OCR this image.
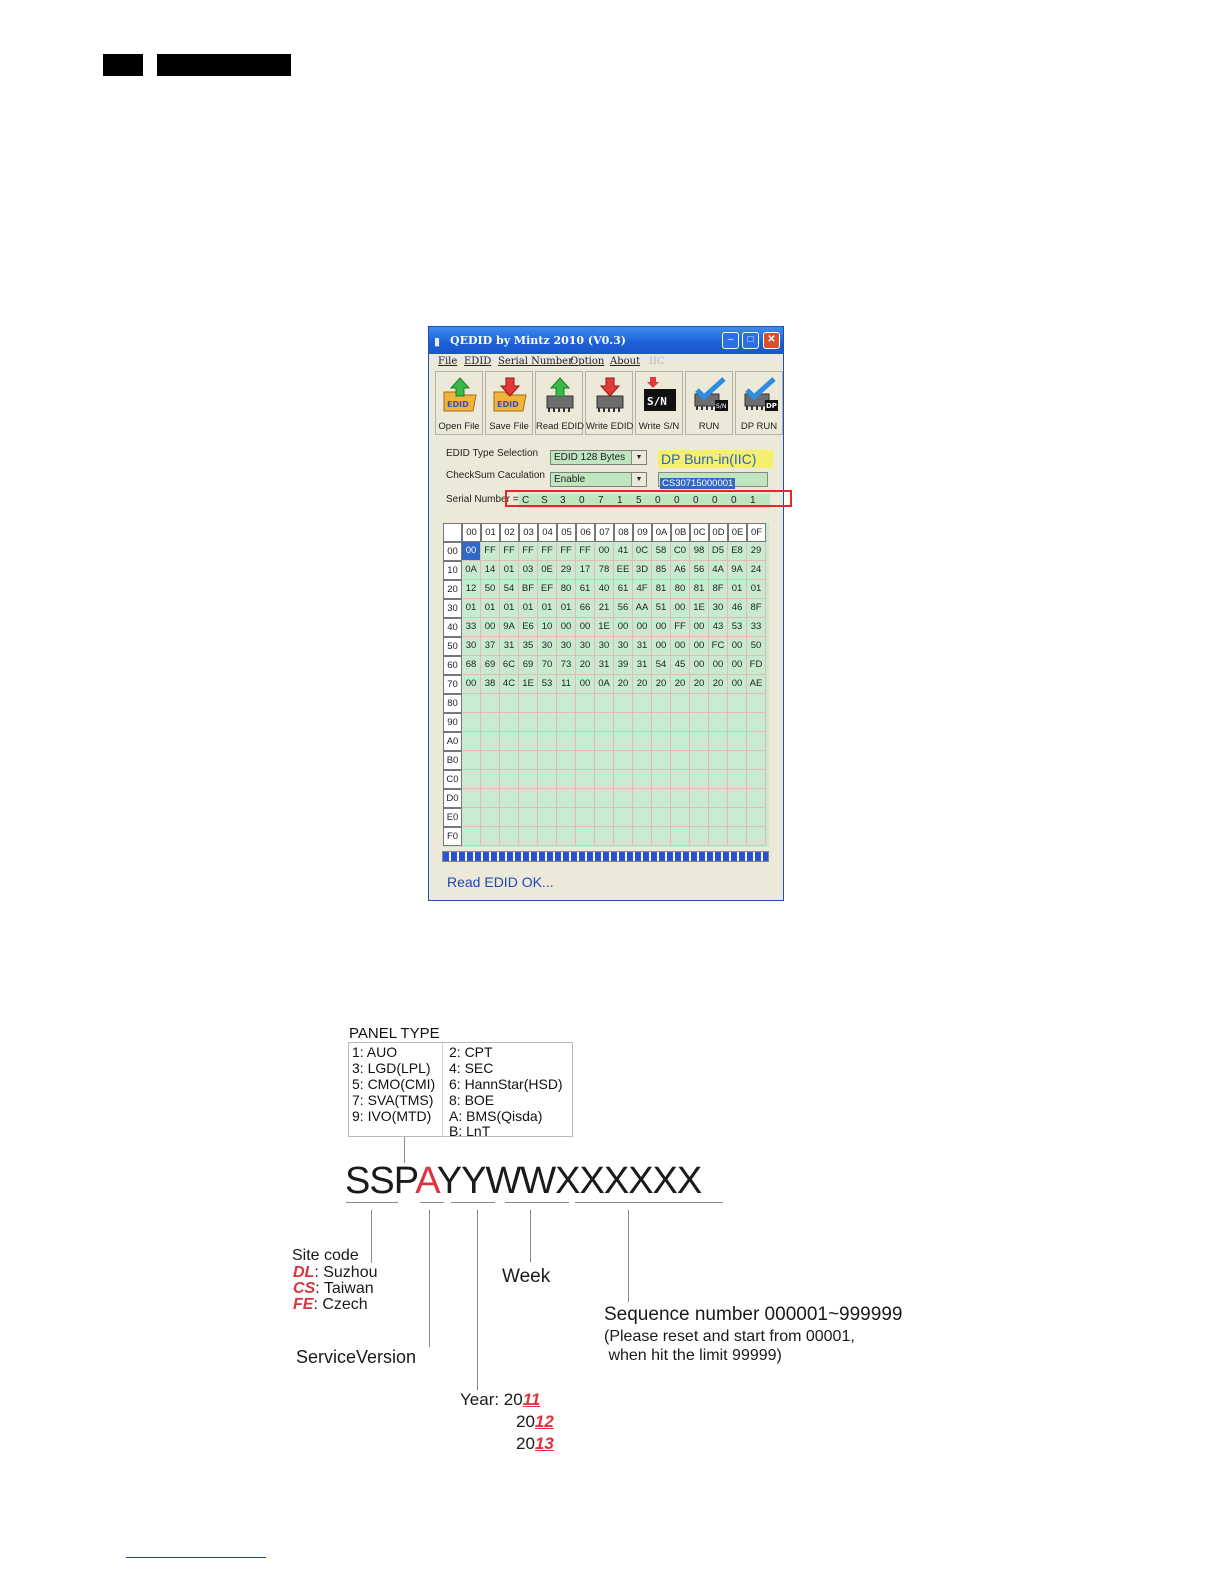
▮ QEDID by Mintz 2010 (V0.3)	–	□	✕
File EDID Serial Number
Option About IIC
EDID
Open File
EDID
Save File Read EDID Write EDID
S/N
Write S/N
S/N
RUN
DP
DP RUN
EDID Type Selection	EDID 128 Bytes	▼ DP Burn-in(IIC)
CheckSum Caculation Enable	▼	CS30715000001
Serial Number = C S 3 0 7 1 5 0 0 0 0 0 1
00 01 02 03 04 05 06 07 08 09 0A 0B 0C 0D 0E 0F
00 00 FF FF FF FF FF FF 00 41 0C 58 C0 98 D5 E8 29
10 0A 14 01 03 0E 29 17 78 EE 3D 85 A6 56 4A 9A 24
20 12 50 54 BF EF 80 61 40 61 4F 81 80 81 8F 01 01
30 01 01 01 01 01 01 66 21 56 AA 51 00 1E 30 46 8F
40 33 00 9A E6 10 00 00 1E 00 00 00 FF 00 43 53 33
50 30 37 31 35 30 30 30 30 30 31 00 00 00 FC 00 50
60 68 69 6C 69 70 73 20 31 39 31 54 45 00 00 00 FD
70 00 38 4C 1E 53 11 00 0A 20 20 20 20 20 20 00 AE
80
90
A0
B0
C0
D0
E0
F0
Read EDID OK...
PANEL TYPE
1: AUO
3: LGD(LPL)
5: CMO(CMI)
7: SVA(TMS)
9: IVO(MTD)
2: CPT
4: SEC
6: HannStar(HSD)
8: BOE
A: BMS(Qisda)
B: LnT
SSPAYYWWXXXXXX
Site code
DL: Suzhou
CS: Taiwan
FE: Czech
Week
ServiceVersion
Sequence number 000001~999999
(Please reset and start from 00001,
when hit the limit 99999)
Year: 2011
2012
2013
